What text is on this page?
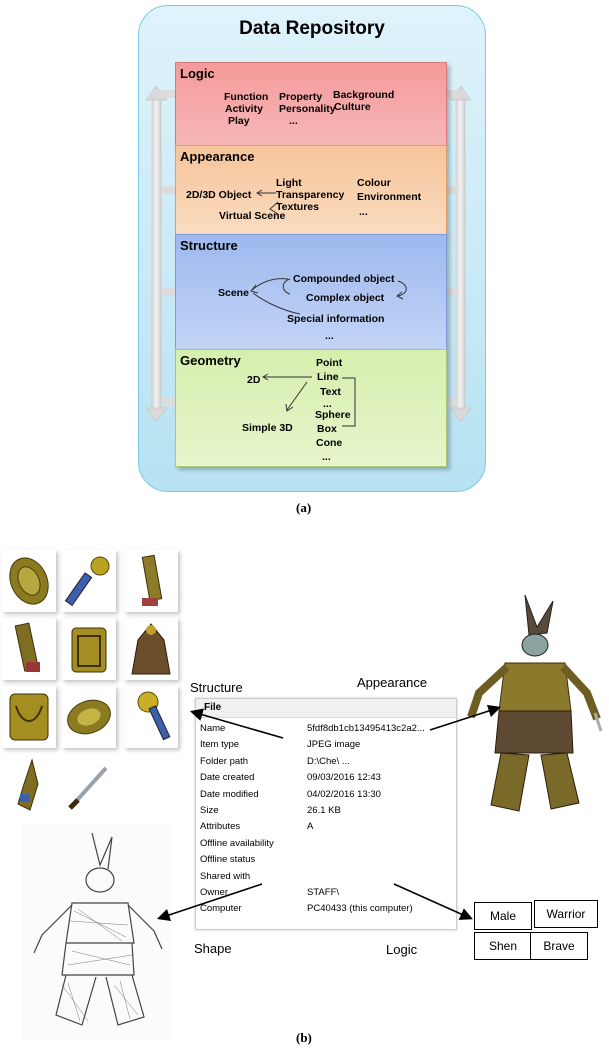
Data Repository
Logic
Function
Activity
Play
Property
Personality
...
Background
Culture
Appearance
2D/3D Object
Light
Transparency
Textures
Virtual Scene
Colour
Environment
...
Structure
Scene
Compounded object
Complex object
Special information
...
Geometry
2D
Point
Line
Text
...
Sphere
Box
Cone
...
Simple 3D
(a)
File
Name	5fdf8db1cb13495413c2a2...
Item type	JPEG image
Folder path	D:\Che\ ...
Date created	09/03/2016 12:43
Date modified	04/02/2016 13:30
Size	26.1 KB
Attributes	A
Offline availability
Offline status
Shared with
Owner	STAFF\
Computer	PC40433 (this computer)
Structure	Appearance
Shape	Logic
Male	Warrior
Shen	Brave
(b)
